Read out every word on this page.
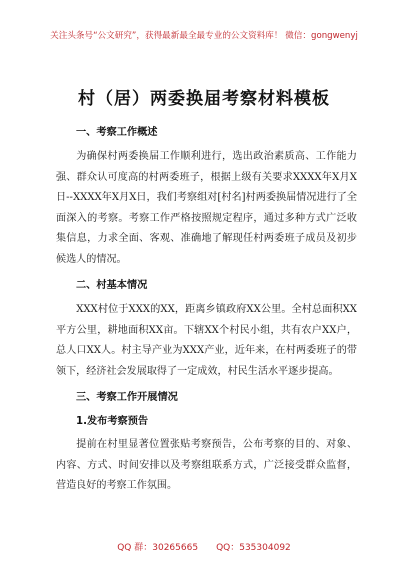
关注头条号“公文研究”，获得最新最全最专业的公文资料库！ 微信：gongwenyj
村（居）两委换届考察材料模板
一、考察工作概述

为确保村两委换届工作顺利进行，选出政治素质高、工作能力强、群众认可度高的村两委班子，根据上级有关要求XXXX年X月X日--XXXX年X月X日，我们考察组对[村名]村两委换届情况进行了全面深入的考察。考察工作严格按照规定程序，通过多种方式广泛收集信息，力求全面、客观、准确地了解现任村两委班子成员及初步候选人的情况。

二、村基本情况

XXX村位于XXX的XX，距离乡镇政府XX公里。全村总面积XX平方公里，耕地面积XX亩。下辖XX个村民小组，共有农户XX户，总人口XX人。村主导产业为XXX产业，近年来，在村两委班子的带领下，经济社会发展取得了一定成效，村民生活水平逐步提高。

三、考察工作开展情况
1.发布考察预告

提前在村里显著位置张贴考察预告，公布考察的目的、对象、内容、方式、时间安排以及考察组联系方式，广泛接受群众监督，营造良好的考察工作氛围。

QQ 群：30265665 QQ：535304092
